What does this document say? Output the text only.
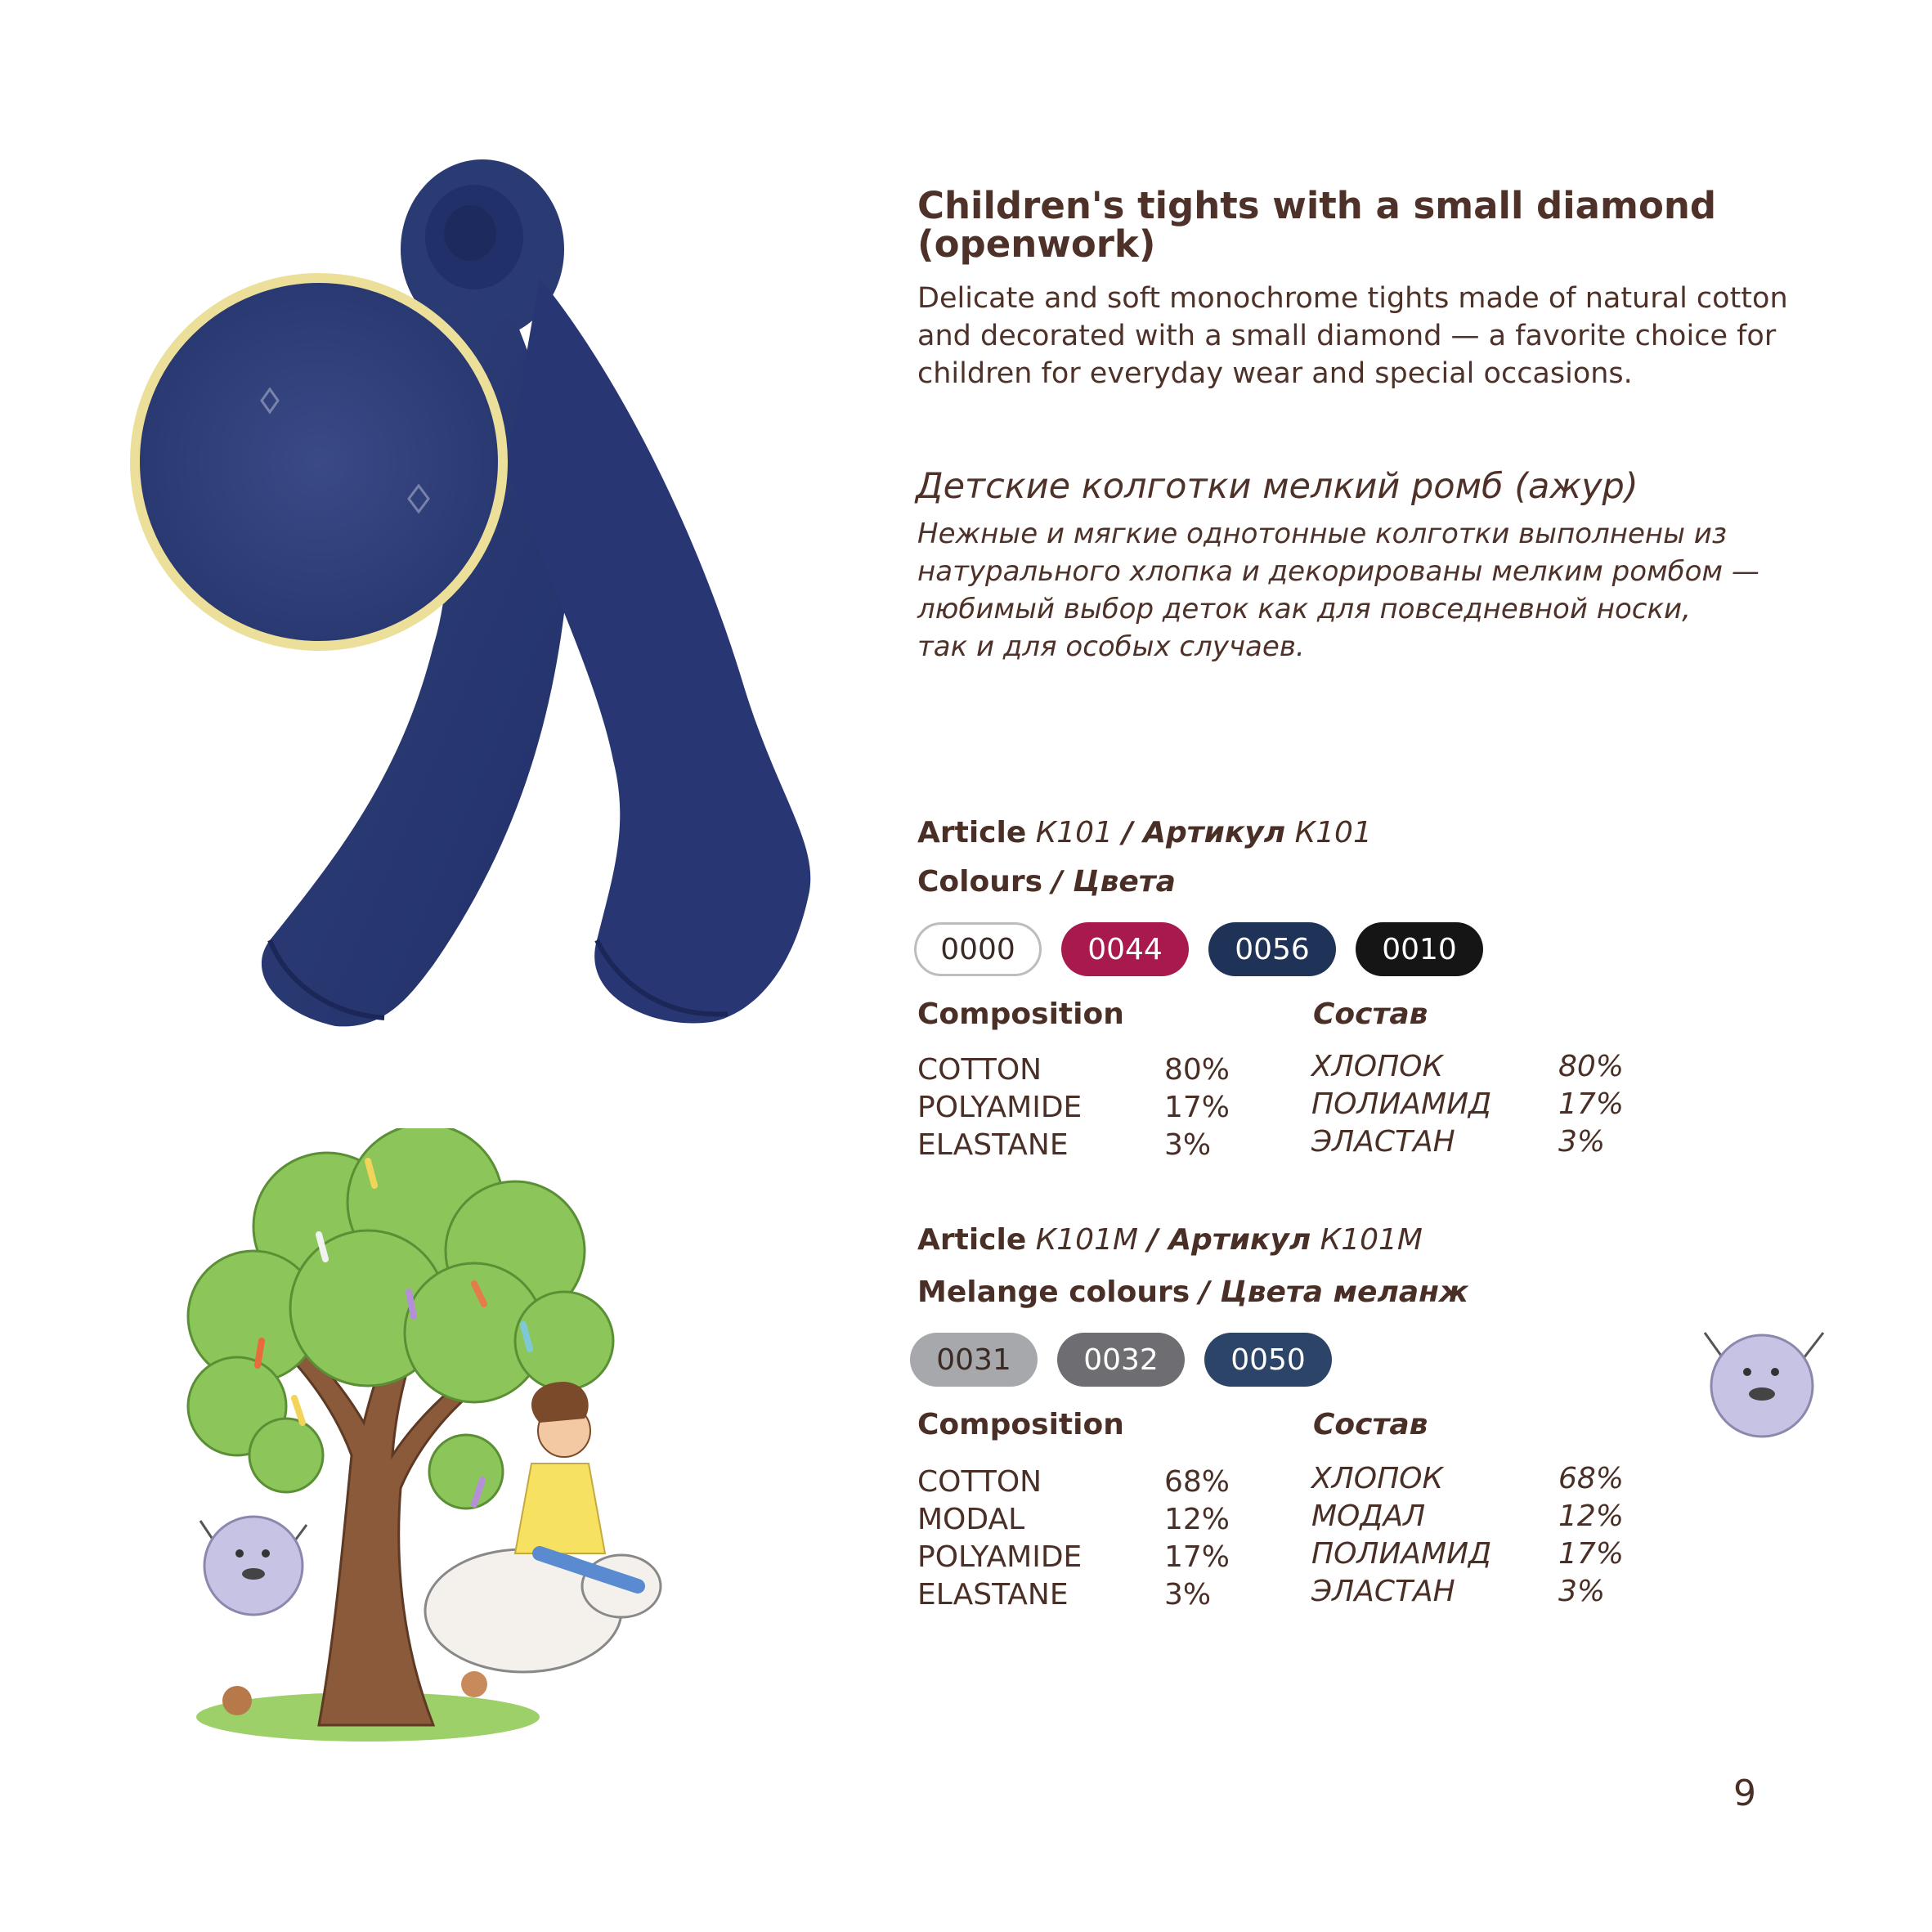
Children's tights with a small diamond (openwork)
Delicate and soft monochrome tights made of natural cotton and decorated with a small diamond — a favorite choice for children for everyday wear and special occasions.
Детские колготки мелкий ромб (ажур)
Нежные и мягкие однотонные колготки выполнены из
натурального хлопка и декорированы мелким ромбом —
любимый выбор деток как для повседневной носки,
так и для особых случаев.
Article К101 / Артикул К101
Colours / Цвета
0000	0044	0056	0010
Composition	Состав
COTTON	80%
POLYAMIDE	17%
ELASTANE	3%
ХЛОПОК	80%
ПОЛИАМИД	17%
ЭЛАСТАН	3%
Article К101М / Артикул К101М
Melange colours / Цвета меланж
0031	0032	0050
Composition	Состав
COTTON	68%
MODAL	12%
POLYAMIDE	17%
ELASTANE	3%
ХЛОПОК	68%
МОДАЛ	12%
ПОЛИАМИД	17%
ЭЛАСТАН	3%
9
